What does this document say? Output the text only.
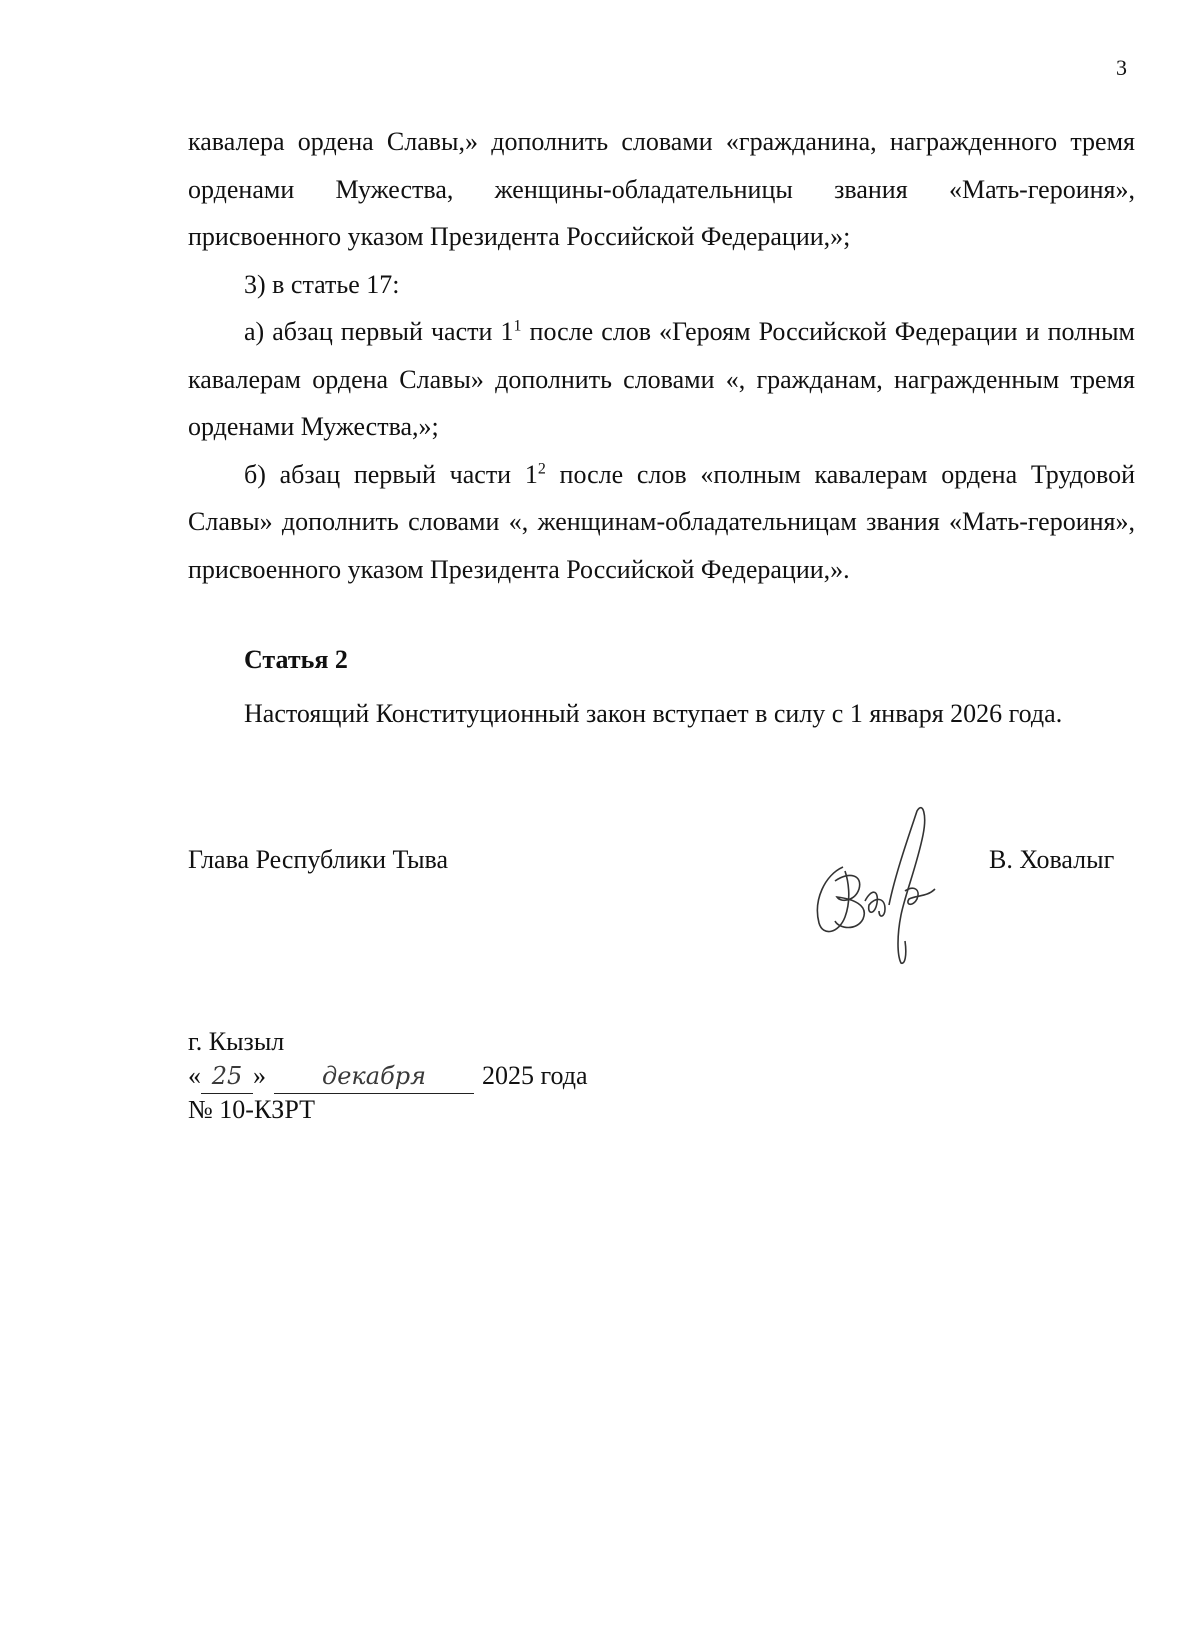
3

кавалера ордена Славы,» дополнить словами «гражданина, награжденного тремя орденами Мужества, женщины-обладательницы звания «Мать-героиня», присвоенного указом Президента Российской Федерации,»;

3) в статье 17:

а) абзац первый части $1^1$ после слов «Героям Российской Федерации и полным кавалерам ордена Славы» дополнить словами «, гражданам, награжденным тремя орденами Мужества,»;

б) абзац первый части $1^2$ после слов «полным кавалерам ордена Трудовой Славы» дополнить словами «, женщинам-обладательницам звания «Мать-героиня», присвоенного указом Президента Российской Федерации,».

Статья 2

Настоящий Конституционный закон вступает в силу с 1 января 2026 года.

Глава Республики Тыва	В. Ховалыг
г. Кызыл
« 25 » декабря 2025 года
№ 10-КЗРТ
